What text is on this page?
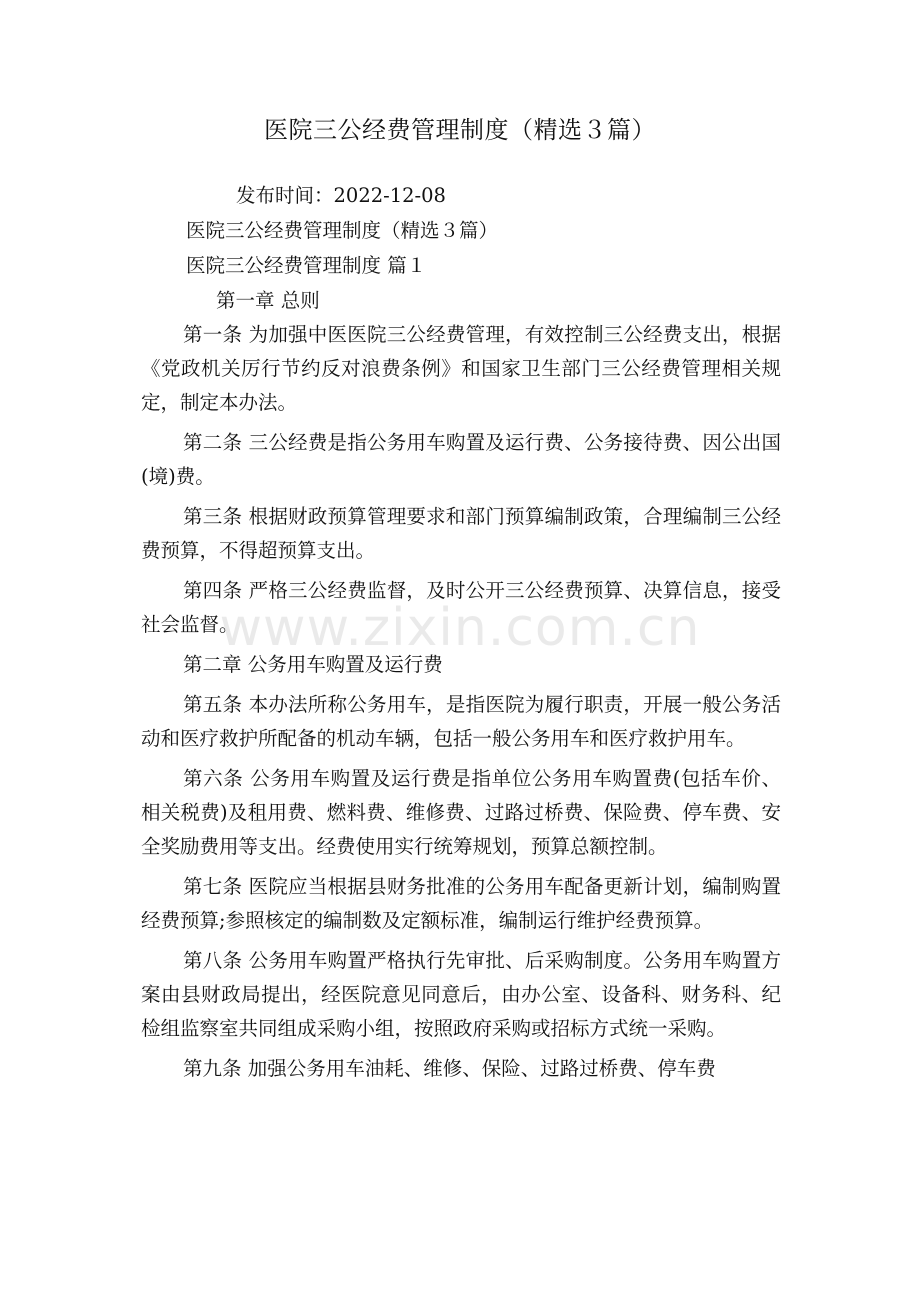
医院三公经费管理制度（精选３篇）
发布时间：2022-12-08
医院三公经费管理制度（精选３篇）
医院三公经费管理制度 篇１
第一章 总则

第一条 为加强中医医院三公经费管理，有效控制三公经费支出，根据《党政机关厉行节约反对浪费条例》和国家卫生部门三公经费管理相关规定，制定本办法。

第二条 三公经费是指公务用车购置及运行费、公务接待费、因公出国(境)费。

第三条 根据财政预算管理要求和部门预算编制政策，合理编制三公经费预算，不得超预算支出。

第四条 严格三公经费监督，及时公开三公经费预算、决算信息，接受社会监督。

第二章 公务用车购置及运行费

第五条 本办法所称公务用车，是指医院为履行职责，开展一般公务活动和医疗救护所配备的机动车辆，包括一般公务用车和医疗救护用车。

第六条 公务用车购置及运行费是指单位公务用车购置费(包括车价、相关税费)及租用费、燃料费、维修费、过路过桥费、保险费、停车费、安全奖励费用等支出。经费使用实行统筹规划，预算总额控制。

第七条 医院应当根据县财务批准的公务用车配备更新计划，编制购置经费预算;参照核定的编制数及定额标准，编制运行维护经费预算。

第八条 公务用车购置严格执行先审批、后采购制度。公务用车购置方案由县财政局提出，经医院意见同意后，由办公室、设备科、财务科、纪检组监察室共同组成采购小组，按照政府采购或招标方式统一采购。

第九条 加强公务用车油耗、维修、保险、过路过桥费、停车费

www.zixin.com.cn
